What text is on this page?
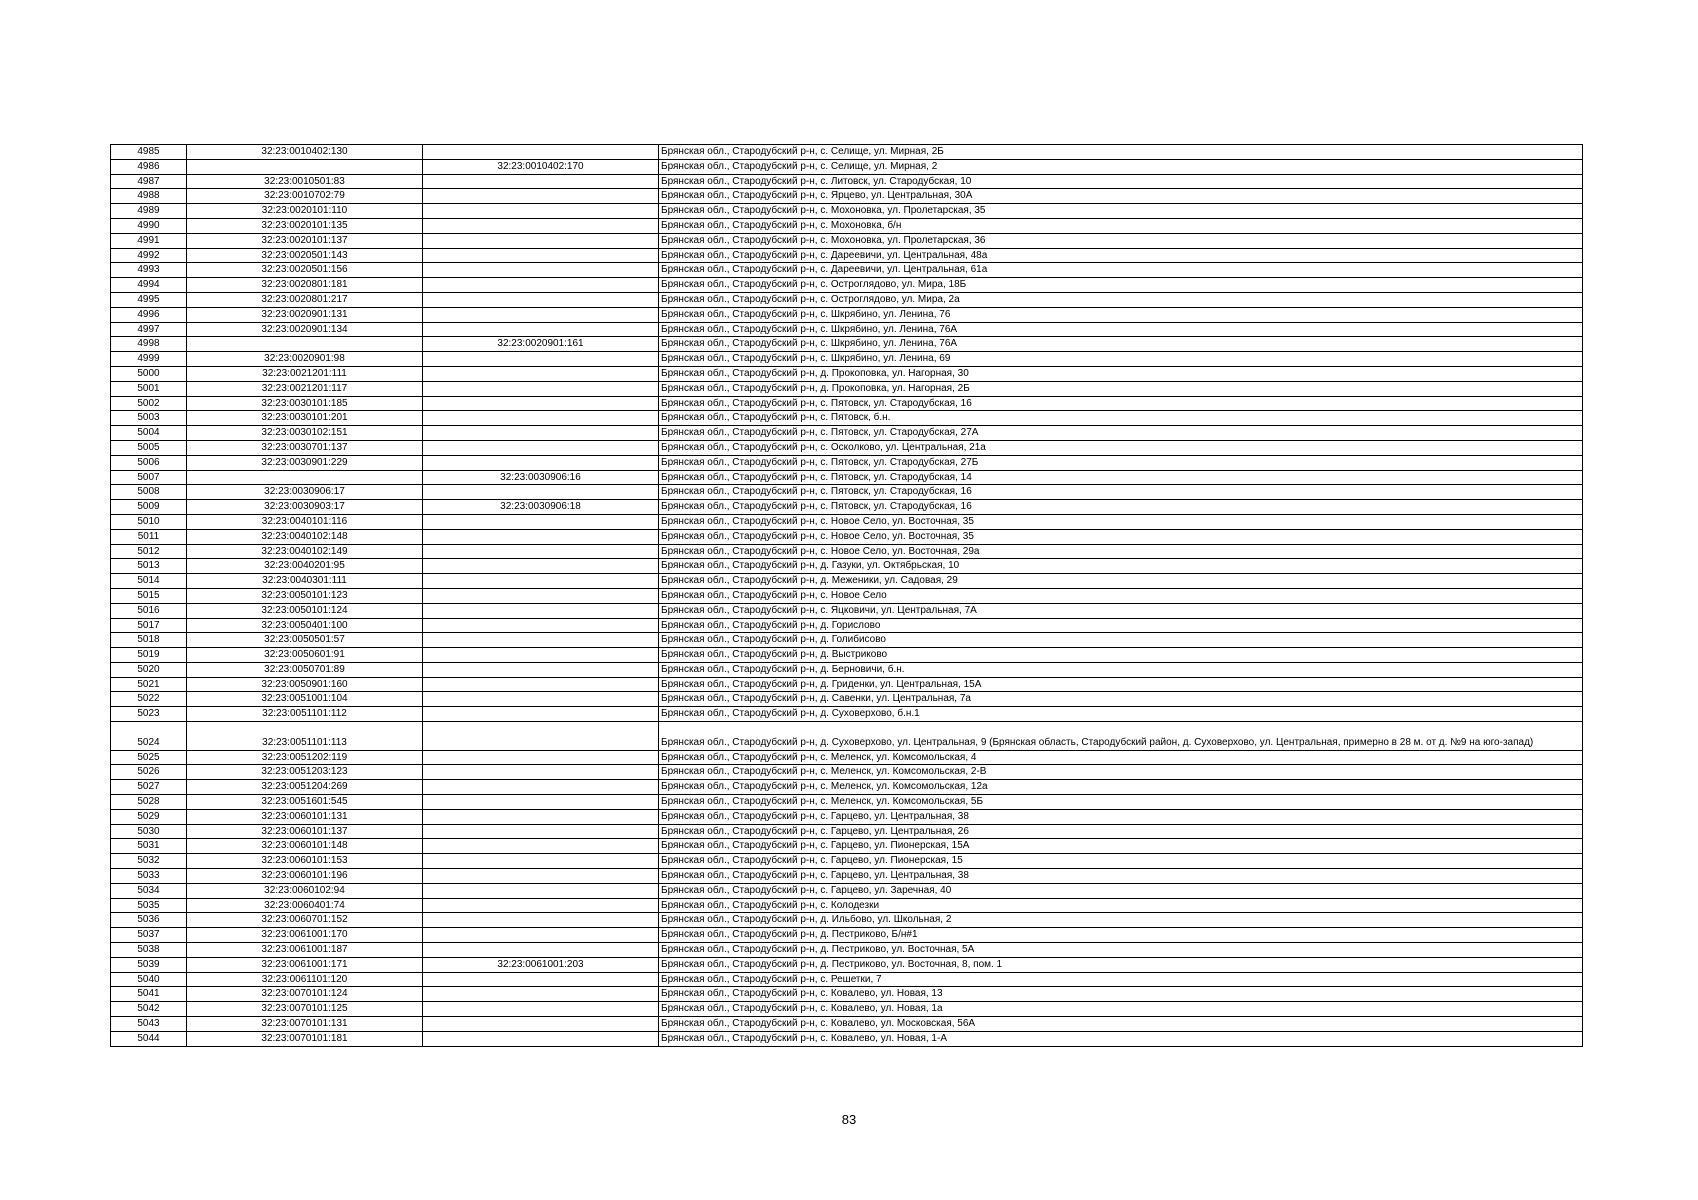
4985	32:23:0010402:130		Брянская обл., Стародубский р-н, с. Селище, ул. Мирная, 2Б
4986		32:23:0010402:170	Брянская обл., Стародубский р-н, с. Селище, ул. Мирная, 2
4987	32:23:0010501:83		Брянская обл., Стародубский р-н, с. Литовск, ул. Стародубская, 10
4988	32:23:0010702:79		Брянская обл., Стародубский р-н, с. Ярцево, ул. Центральная, 30А
4989	32:23:0020101:110		Брянская обл., Стародубский р-н, с. Мохоновка, ул. Пролетарская, 35
4990	32:23:0020101:135		Брянская обл., Стародубский р-н, с. Мохоновка, б/н
4991	32:23:0020101:137		Брянская обл., Стародубский р-н, с. Мохоновка, ул. Пролетарская, 36
4992	32:23:0020501:143		Брянская обл., Стародубский р-н, с. Дареевичи, ул. Центральная, 48а
4993	32:23:0020501:156		Брянская обл., Стародубский р-н, с. Дареевичи, ул. Центральная, 61а
4994	32:23:0020801:181		Брянская обл., Стародубский р-н, с. Остроглядово, ул. Мира, 18Б
4995	32:23:0020801:217		Брянская обл., Стародубский р-н, с. Остроглядово, ул. Мира, 2а
4996	32:23:0020901:131		Брянская обл., Стародубский р-н, с. Шкрябино, ул. Ленина, 76
4997	32:23:0020901:134		Брянская обл., Стародубский р-н, с. Шкрябино, ул. Ленина, 76А
4998		32:23:0020901:161	Брянская обл., Стародубский р-н, с. Шкрябино, ул. Ленина, 76А
4999	32:23:0020901:98		Брянская обл., Стародубский р-н, с. Шкрябино, ул. Ленина, 69
5000	32:23:0021201:111		Брянская обл., Стародубский р-н, д. Прокоповка, ул. Нагорная, 30
5001	32:23:0021201:117		Брянская обл., Стародубский р-н, д. Прокоповка, ул. Нагорная, 2Б
5002	32:23:0030101:185		Брянская обл., Стародубский р-н, с. Пятовск, ул. Стародубская, 16
5003	32:23:0030101:201		Брянская обл., Стародубский р-н, с. Пятовск, б.н.
5004	32:23:0030102:151		Брянская обл., Стародубский р-н, с. Пятовск, ул. Стародубская, 27А
5005	32:23:0030701:137		Брянская обл., Стародубский р-н, с. Осколково, ул. Центральная, 21а
5006	32:23:0030901:229		Брянская обл., Стародубский р-н, с. Пятовск, ул. Стародубская, 27Б
5007		32:23:0030906:16	Брянская обл., Стародубский р-н, с. Пятовск, ул. Стародубская, 14
5008	32:23:0030906:17		Брянская обл., Стародубский р-н, с. Пятовск, ул. Стародубская, 16
5009	32:23:0030903:17	32:23:0030906:18	Брянская обл., Стародубский р-н, с. Пятовск, ул. Стародубская, 16
5010	32:23:0040101:116		Брянская обл., Стародубский р-н, с. Новое Село, ул. Восточная, 35
5011	32:23:0040102:148		Брянская обл., Стародубский р-н, с. Новое Село, ул. Восточная, 35
5012	32:23:0040102:149		Брянская обл., Стародубский р-н, с. Новое Село, ул. Восточная, 29а
5013	32:23:0040201:95		Брянская обл., Стародубский р-н, д. Газуки, ул. Октябрьская, 10
5014	32:23:0040301:111		Брянская обл., Стародубский р-н, д. Меженики, ул. Садовая, 29
5015	32:23:0050101:123		Брянская обл., Стародубский р-н, с. Новое Село
5016	32:23:0050101:124		Брянская обл., Стародубский р-н, с. Яцковичи, ул. Центральная, 7А
5017	32:23:0050401:100		Брянская обл., Стародубский р-н, д. Горислово
5018	32:23:0050501:57		Брянская обл., Стародубский р-н, д. Голибисово
5019	32:23:0050601:91		Брянская обл., Стародубский р-н, д. Выстриково
5020	32:23:0050701:89		Брянская обл., Стародубский р-н, д. Берновичи, б.н.
5021	32:23:0050901:160		Брянская обл., Стародубский р-н, д. Гриденки, ул. Центральная, 15А
5022	32:23:0051001:104		Брянская обл., Стародубский р-н, д. Савенки, ул. Центральная, 7а
5023	32:23:0051101:112		Брянская обл., Стародубский р-н, д. Суховерхово, б.н.1
5024	32:23:0051101:113		Брянская обл., Стародубский р-н, д. Суховерхово, ул. Центральная, 9 (Брянская область, Стародубский район, д. Суховерхово, ул. Центральная, примерно в 28 м. от д. №9 на юго-запад)
5025	32:23:0051202:119		Брянская обл., Стародубский р-н, с. Меленск, ул. Комсомольская, 4
5026	32:23:0051203:123		Брянская обл., Стародубский р-н, с. Меленск, ул. Комсомольская, 2-В
5027	32:23:0051204:269		Брянская обл., Стародубский р-н, с. Меленск, ул. Комсомольская, 12а
5028	32:23:0051601:545		Брянская обл., Стародубский р-н, с. Меленск, ул. Комсомольская, 5Б
5029	32:23:0060101:131		Брянская обл., Стародубский р-н, с. Гарцево, ул. Центральная, 38
5030	32:23:0060101:137		Брянская обл., Стародубский р-н, с. Гарцево, ул. Центральная, 26
5031	32:23:0060101:148		Брянская обл., Стародубский р-н, с. Гарцево, ул. Пионерская, 15А
5032	32:23:0060101:153		Брянская обл., Стародубский р-н, с. Гарцево, ул. Пионерская, 15
5033	32:23:0060101:196		Брянская обл., Стародубский р-н, с. Гарцево, ул. Центральная, 38
5034	32:23:0060102:94		Брянская обл., Стародубский р-н, с. Гарцево, ул. Заречная, 40
5035	32:23:0060401:74		Брянская обл., Стародубский р-н, с. Колодезки
5036	32:23:0060701:152		Брянская обл., Стародубский р-н, д. Ильбово, ул. Школьная, 2
5037	32:23:0061001:170		Брянская обл., Стародубский р-н, д. Пестриково, Б/н#1
5038	32:23:0061001:187		Брянская обл., Стародубский р-н, д. Пестриково, ул. Восточная, 5А
5039	32:23:0061001:171	32:23:0061001:203	Брянская обл., Стародубский р-н, д. Пестриково, ул. Восточная, 8, пом. 1
5040	32:23:0061101:120		Брянская обл., Стародубский р-н, с. Решетки, 7
5041	32:23:0070101:124		Брянская обл., Стародубский р-н, с. Ковалево, ул. Новая, 13
5042	32:23:0070101:125		Брянская обл., Стародубский р-н, с. Ковалево, ул. Новая, 1а
5043	32:23:0070101:131		Брянская обл., Стародубский р-н, с. Ковалево, ул. Московская, 56А
5044	32:23:0070101:181		Брянская обл., Стародубский р-н, с. Ковалево, ул. Новая, 1-А
83
